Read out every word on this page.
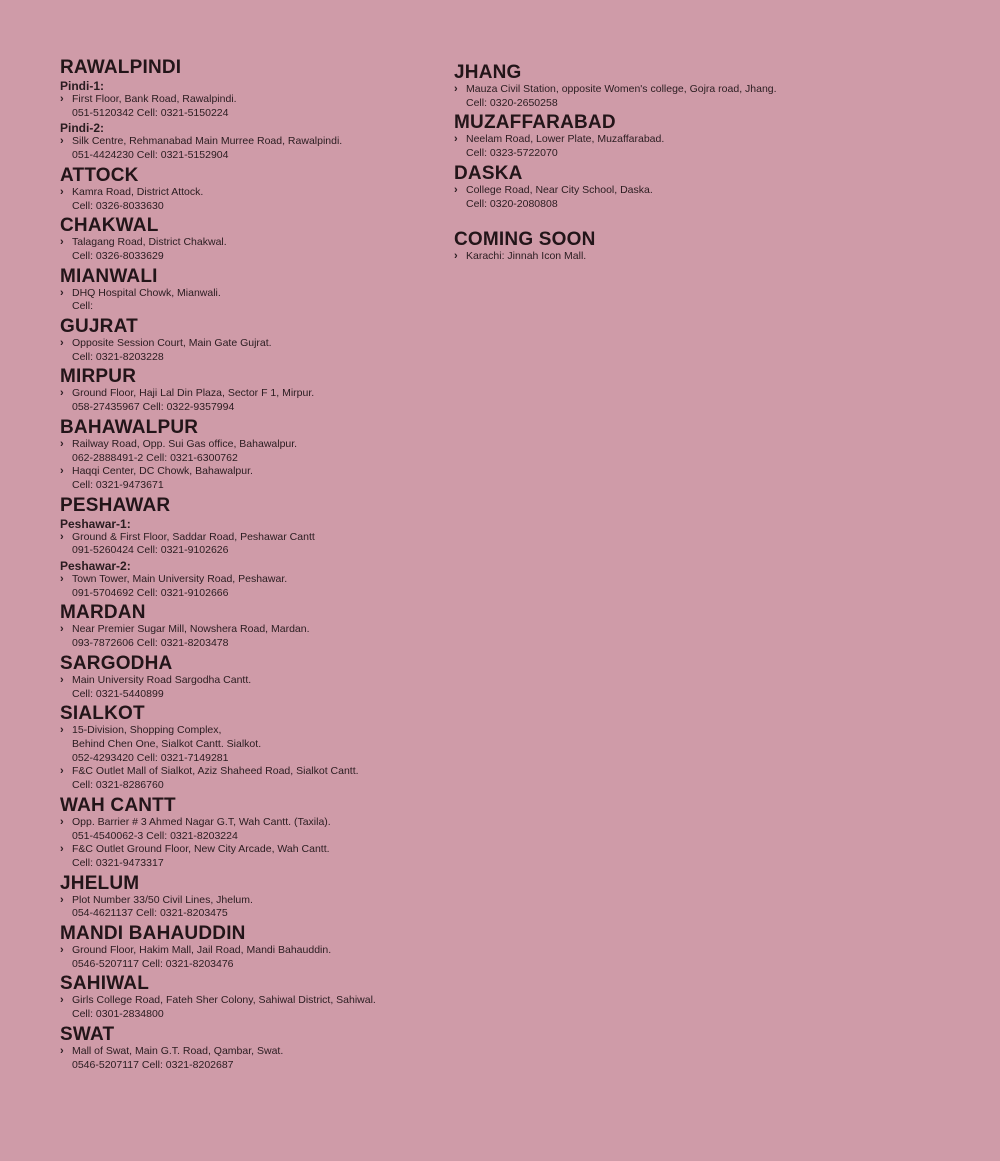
RAWALPINDI
Pindi-1:
› First Floor, Bank Road, Rawalpindi.
051-5120342 Cell: 0321-5150224
Pindi-2:
› Silk Centre, Rehmanabad Main Murree Road, Rawalpindi.
051-4424230 Cell: 0321-5152904
ATTOCK
› Kamra Road, District Attock.
Cell: 0326-8033630
CHAKWAL
› Talagang Road, District Chakwal.
Cell: 0326-8033629
MIANWALI
› DHQ Hospital Chowk, Mianwali.
Cell:
GUJRAT
› Opposite Session Court, Main Gate Gujrat.
Cell: 0321-8203228
MIRPUR
› Ground Floor, Haji Lal Din Plaza, Sector F 1, Mirpur.
058-27435967 Cell: 0322-9357994
BAHAWALPUR
› Railway Road, Opp. Sui Gas office, Bahawalpur.
062-2888491-2 Cell: 0321-6300762
› Haqqi Center, DC Chowk, Bahawalpur.
Cell: 0321-9473671
PESHAWAR
Peshawar-1:
› Ground & First Floor, Saddar Road, Peshawar Cantt
091-5260424 Cell: 0321-9102626
Peshawar-2:
› Town Tower, Main University Road, Peshawar.
091-5704692 Cell: 0321-9102666
MARDAN
› Near Premier Sugar Mill, Nowshera Road, Mardan.
093-7872606 Cell: 0321-8203478
SARGODHA
› Main University Road Sargodha Cantt.
Cell: 0321-5440899
SIALKOT
› 15-Division, Shopping Complex,
Behind Chen One, Sialkot Cantt. Sialkot.
052-4293420 Cell: 0321-7149281
› F&C Outlet Mall of Sialkot, Aziz Shaheed Road, Sialkot Cantt.
Cell: 0321-8286760
WAH CANTT
› Opp. Barrier # 3 Ahmed Nagar G.T, Wah Cantt. (Taxila).
051-4540062-3 Cell: 0321-8203224
› F&C Outlet Ground Floor, New City Arcade, Wah Cantt.
Cell: 0321-9473317
JHELUM
› Plot Number 33/50 Civil Lines, Jhelum.
054-4621137 Cell: 0321-8203475
MANDI BAHAUDDIN
› Ground Floor, Hakim Mall, Jail Road, Mandi Bahauddin.
0546-5207117 Cell: 0321-8203476
SAHIWAL
› Girls College Road, Fateh Sher Colony, Sahiwal District, Sahiwal.
Cell: 0301-2834800
SWAT
› Mall of Swat, Main G.T. Road, Qambar, Swat.
0546-5207117 Cell: 0321-8202687
JHANG
› Mauza Civil Station, opposite Women's college, Gojra road, Jhang.
Cell: 0320-2650258
MUZAFFARABAD
› Neelam Road, Lower Plate, Muzaffarabad.
Cell: 0323-5722070
DASKA
› College Road, Near City School, Daska.
Cell: 0320-2080808
COMING SOON
› Karachi: Jinnah Icon Mall.
